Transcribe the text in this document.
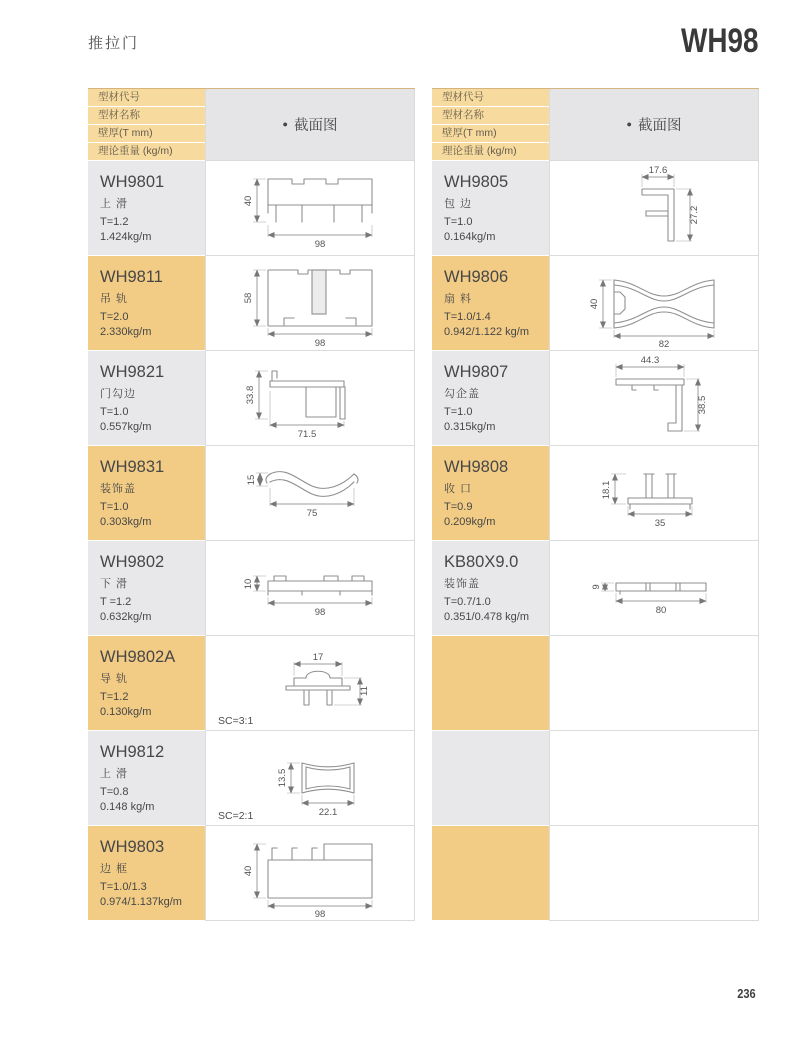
推拉门	WH98
型材代号
型材名称
壁厚(T mm)
理论重量 (kg/m)
● 截面图
WH9801
上 滑
T=1.2
1.424kg/m
40
98
WH9811
吊 轨
T=2.0
2.330kg/m
58
98
WH9821
门勾边
T=1.0
0.557kg/m
33.8
71.5
WH9831
装饰盖
T=1.0
0.303kg/m
15
75
WH9802
下 滑
T =1.2
0.632kg/m
10
98
WH9802A
导 轨
T=1.2
0.130kg/m
17
11
SC=3:1
WH9812
上 滑
T=0.8
0.148 kg/m
13.5
22.1
SC=2:1
WH9803
边 框
T=1.0/1.3
0.974/1.137kg/m
40
98
型材代号
型材名称
壁厚(T mm)
理论重量 (kg/m)
● 截面图
WH9805
包 边
T=1.0
0.164kg/m
17.6
27.2
WH9806
扇 料
T=1.0/1.4
0.942/1.122 kg/m
40
82
WH9807
勾企盖
T=1.0
0.315kg/m
44.3
38.5
WH9808
收 口
T=0.9
0.209kg/m
18.1
35
KB80X9.0
装饰盖
T=0.7/1.0
0.351/0.478 kg/m
9
80
236
